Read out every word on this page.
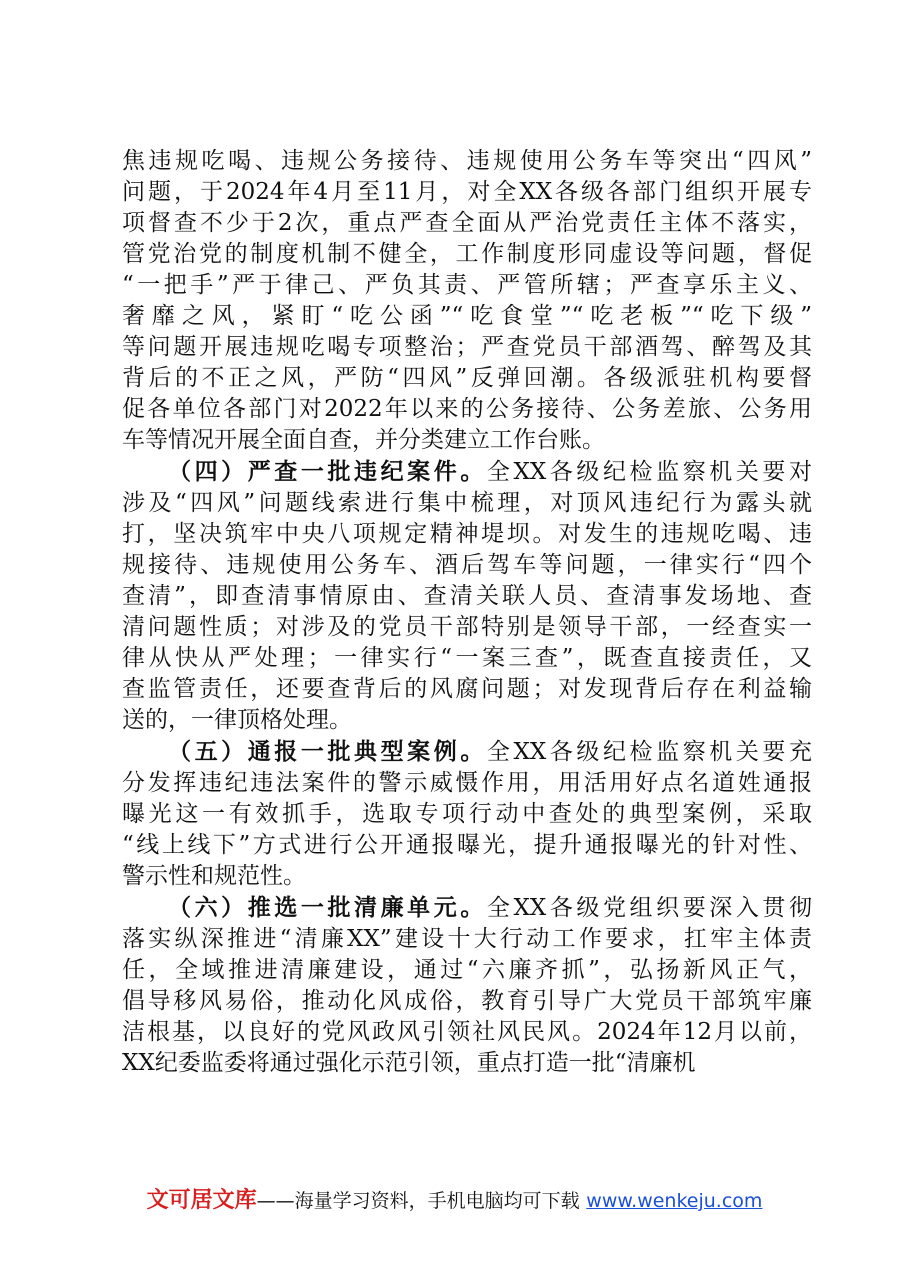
焦违规吃喝、违规公务接待、违规使用公务车等突出“四风”
问题，于2024年4月至11月，对全XX各级各部门组织开展专
项督查不少于2次，重点严查全面从严治党责任主体不落实，
管党治党的制度机制不健全，工作制度形同虚设等问题，督促
“一把手”严于律己、严负其责、严管所辖；严查享乐主义、
奢靡之风，紧盯“吃公函”“吃食堂”“吃老板”“吃下级”
等问题开展违规吃喝专项整治；严查党员干部酒驾、醉驾及其
背后的不正之风，严防“四风”反弹回潮。各级派驻机构要督
促各单位各部门对2022年以来的公务接待、公务差旅、公务用
车等情况开展全面自查，并分类建立工作台账。

（四）严查一批违纪案件。全XX各级纪检监察机关要对
涉及“四风”问题线索进行集中梳理，对顶风违纪行为露头就
打，坚决筑牢中央八项规定精神堤坝。对发生的违规吃喝、违
规接待、违规使用公务车、酒后驾车等问题，一律实行“四个
查清”，即查清事情原由、查清关联人员、查清事发场地、查
清问题性质；对涉及的党员干部特别是领导干部，一经查实一
律从快从严处理；一律实行“一案三查”，既查直接责任，又
查监管责任，还要查背后的风腐问题；对发现背后存在利益输
送的，一律顶格处理。

（五）通报一批典型案例。全XX各级纪检监察机关要充
分发挥违纪违法案件的警示威慑作用，用活用好点名道姓通报
曝光这一有效抓手，选取专项行动中查处的典型案例，采取
“线上线下”方式进行公开通报曝光，提升通报曝光的针对性、
警示性和规范性。

（六）推选一批清廉单元。全XX各级党组织要深入贯彻
落实纵深推进“清廉XX”建设十大行动工作要求，扛牢主体责
任，全域推进清廉建设，通过“六廉齐抓”，弘扬新风正气，
倡导移风易俗，推动化风成俗，教育引导广大党员干部筑牢廉
洁根基，以良好的党风政风引领社风民风。2024年12月以前，
XX纪委监委将通过强化示范引领，重点打造一批“清廉机

文可居文库——海量学习资料，手机电脑均可下载 www.wenkeju.com
